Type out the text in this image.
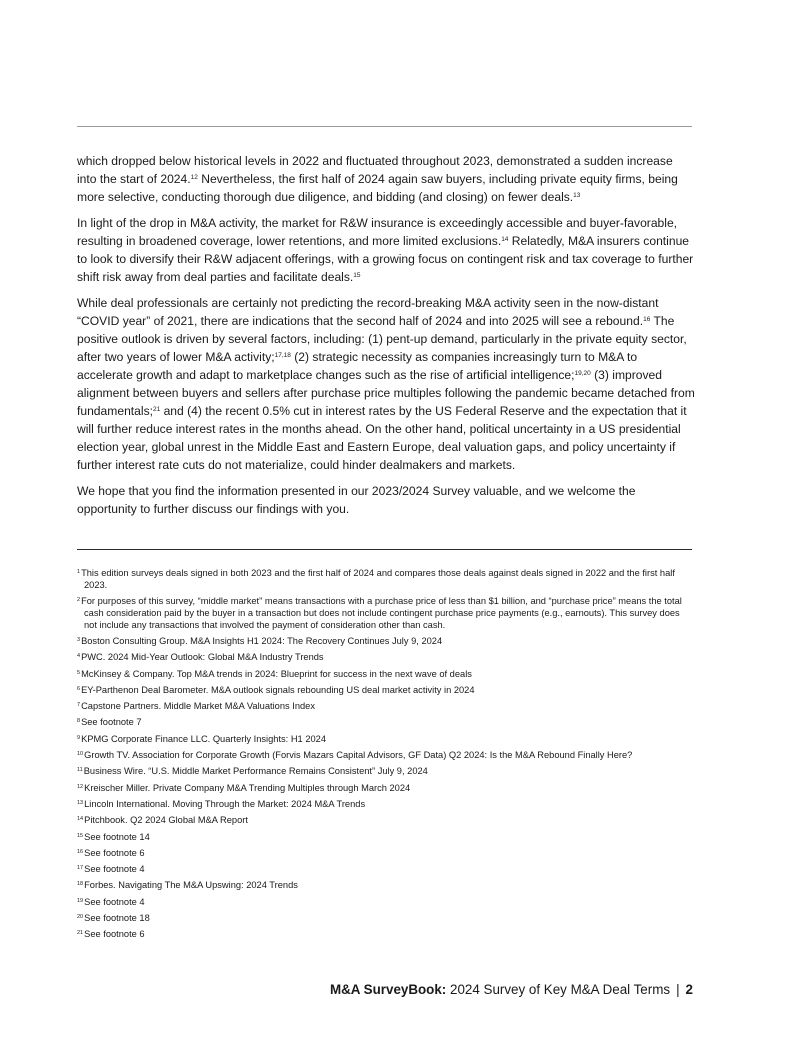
which dropped below historical levels in 2022 and fluctuated throughout 2023, demonstrated a sudden increase into the start of 2024.12 Nevertheless, the first half of 2024 again saw buyers, including private equity firms, being more selective, conducting thorough due diligence, and bidding (and closing) on fewer deals.$^{13}$

In light of the drop in M&A activity, the market for R&W insurance is exceedingly accessible and buyer-favorable, resulting in broadened coverage, lower retentions, and more limited exclusions.$^{14}$ Relatedly, M&A insurers continue to look to diversify their R&W adjacent offerings, with a growing focus on contingent risk and tax coverage to further shift risk away from deal parties and facilitate deals.$^{15}$

While deal professionals are certainly not predicting the record-breaking M&A activity seen in the now-distant “COVID year” of 2021, there are indications that the second half of 2024 and into 2025 will see a rebound.$^{16}$ The positive outlook is driven by several factors, including: (1) pent-up demand, particularly in the private equity sector, after two years of lower M&A activity;$^{17,18}$ (2) strategic necessity as companies increasingly turn to M&A to accelerate growth and adapt to marketplace changes such as the rise of artificial intelligence;$^{19,20}$ (3) improved alignment between buyers and sellers after purchase price multiples following the pandemic became detached from fundamentals;$^{21}$ and (4) the recent 0.5% cut in interest rates by the US Federal Reserve and the expectation that it will further reduce interest rates in the months ahead. On the other hand, political uncertainty in a US presidential election year, global unrest in the Middle East and Eastern Europe, deal valuation gaps, and policy uncertainty if further interest rate cuts do not materialize, could hinder dealmakers and markets.

We hope that you find the information presented in our 2023/2024 Survey valuable, and we welcome the opportunity to further discuss our findings with you.

$^1$This edition surveys deals signed in both 2023 and the first half of 2024 and compares those deals against deals signed in 2022 and the first half 2023.
$^2$For purposes of this survey, “middle market” means transactions with a purchase price of less than $1 billion, and “purchase price” means the total cash consideration paid by the buyer in a transaction but does not include contingent purchase price payments (e.g., earnouts). This survey does not include any transactions that involved the payment of consideration other than cash.
$^3$Boston Consulting Group. M&A Insights H1 2024: The Recovery Continues July 9, 2024
$^4$PWC. 2024 Mid-Year Outlook: Global M&A Industry Trends
$^5$McKinsey & Company. Top M&A trends in 2024: Blueprint for success in the next wave of deals
$^6$EY-Parthenon Deal Barometer. M&A outlook signals rebounding US deal market activity in 2024
$^7$Capstone Partners. Middle Market M&A Valuations Index
$^8$See footnote 7
$^9$KPMG Corporate Finance LLC. Quarterly Insights: H1 2024
$^{10}$Growth TV. Association for Corporate Growth (Forvis Mazars Capital Advisors, GF Data) Q2 2024: Is the M&A Rebound Finally Here?
$^{11}$Business Wire. “U.S. Middle Market Performance Remains Consistent” July 9, 2024
$^{12}$Kreischer Miller. Private Company M&A Trending Multiples through March 2024
$^{13}$Lincoln International. Moving Through the Market: 2024 M&A Trends
$^{14}$Pitchbook. Q2 2024 Global M&A Report
$^{15}$See footnote 14
$^{16}$See footnote 6
$^{17}$See footnote 4
$^{18}$Forbes. Navigating The M&A Upswing: 2024 Trends
$^{19}$See footnote 4
$^{20}$See footnote 18
$^{21}$See footnote 6
M&A SurveyBook: 2024 Survey of Key M&A Deal Terms | 2
